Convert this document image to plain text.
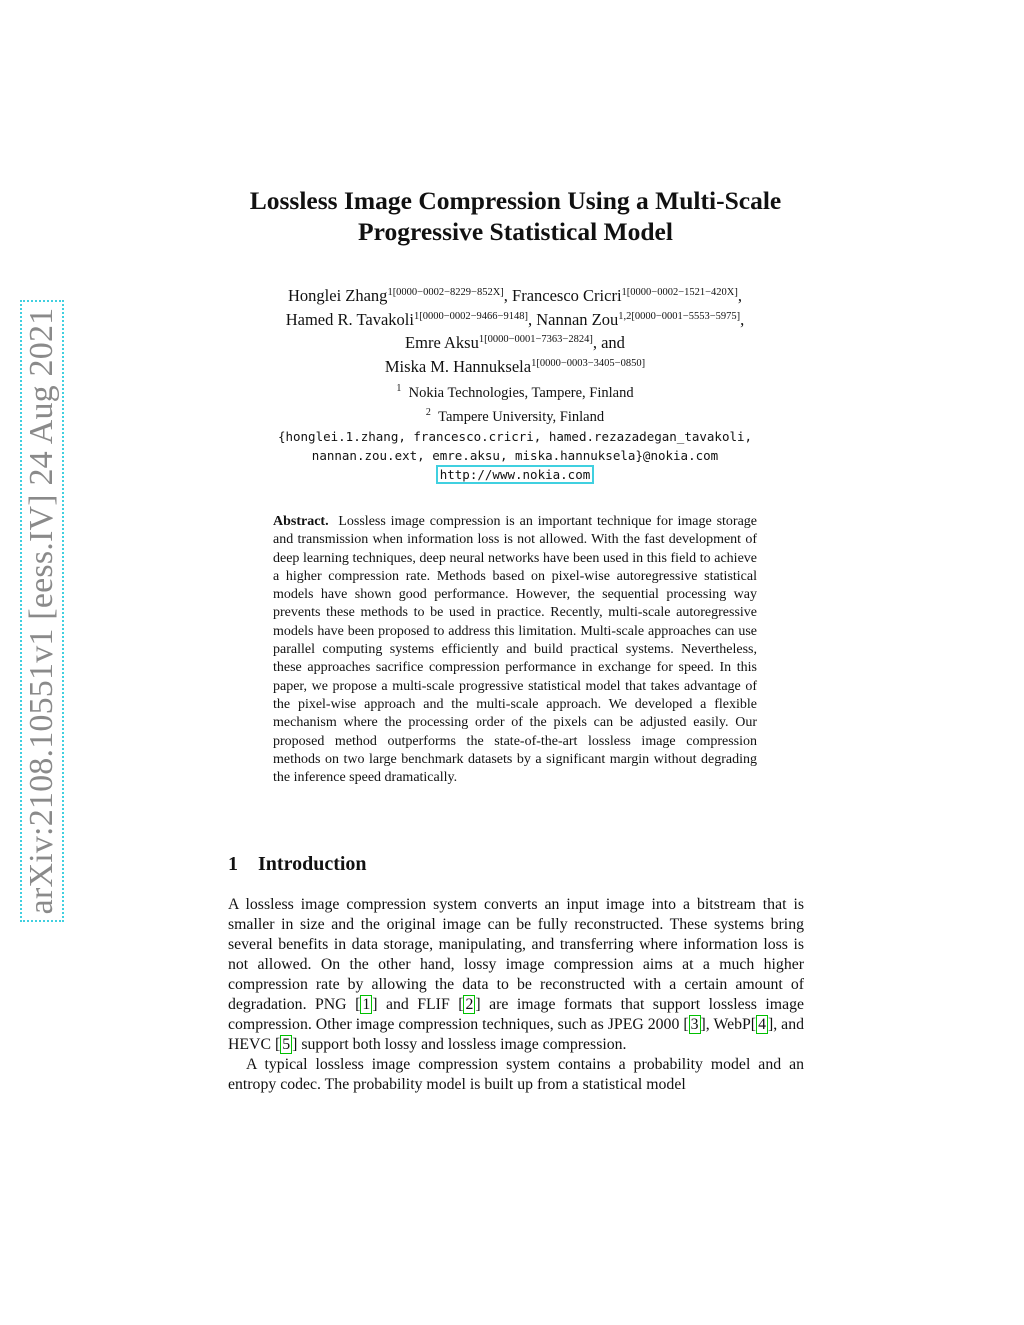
arXiv:2108.10551v1 [eess.IV] 24 Aug 2021
Lossless Image Compression Using a Multi-Scale
Progressive Statistical Model
Honglei Zhang$^{1[0000-0002-8229-852X]}$, Francesco Cricri$^{1[0000-0002-1521-420X]}$,
Hamed R. Tavakoli$^{1[0000-0002-9466-9148]}$, Nannan Zou$^{1,2[0000-0001-5553-5975]}$,
Emre Aksu$^{1[0000-0001-7363-2824]}$, and
Miska M. Hannuksela$^{1[0000-0003-3405-0850]}$
$^1$ Nokia Technologies, Tampere, Finland
$^2$ Tampere University, Finland
{honglei.1.zhang, francesco.cricri, hamed.rezazadegan_tavakoli,
nannan.zou.ext, emre.aksu, miska.hannuksela}@nokia.com
http://www.nokia.com
Abstract. Lossless image compression is an important technique for image storage and transmission when information loss is not allowed. With the fast development of deep learning techniques, deep neural networks have been used in this field to achieve a higher compression rate. Methods based on pixel-wise autoregressive statistical models have shown good performance. However, the sequential processing way prevents these methods to be used in practice. Recently, multi-scale autoregressive models have been proposed to address this limitation. Multi-scale approaches can use parallel computing systems efficiently and build practical systems. Nevertheless, these approaches sacrifice compression performance in exchange for speed. In this paper, we propose a multi-scale progressive statistical model that takes advantage of the pixel-wise approach and the multi-scale approach. We developed a flexible mechanism where the processing order of the pixels can be adjusted easily. Our proposed method outperforms the state-of-the-art lossless image compression methods on two large benchmark datasets by a significant margin without degrading the inference speed dramatically.
1 Introduction

A lossless image compression system converts an input image into a bitstream that is smaller in size and the original image can be fully reconstructed. These systems bring several benefits in data storage, manipulating, and transferring where information loss is not allowed. On the other hand, lossy image compression aims at a much higher compression rate by allowing the data to be reconstructed with a certain amount of degradation. PNG [ 1 ] and FLIF [ 2 ] are image formats that support lossless image compression. Other image compression techniques, such as JPEG 2000 [ 3 ], WebP[ 4 ], and HEVC [ 5 ] support both lossy and lossless image compression.

A typical lossless image compression system contains a probability model and an entropy codec. The probability model is built up from a statistical model
